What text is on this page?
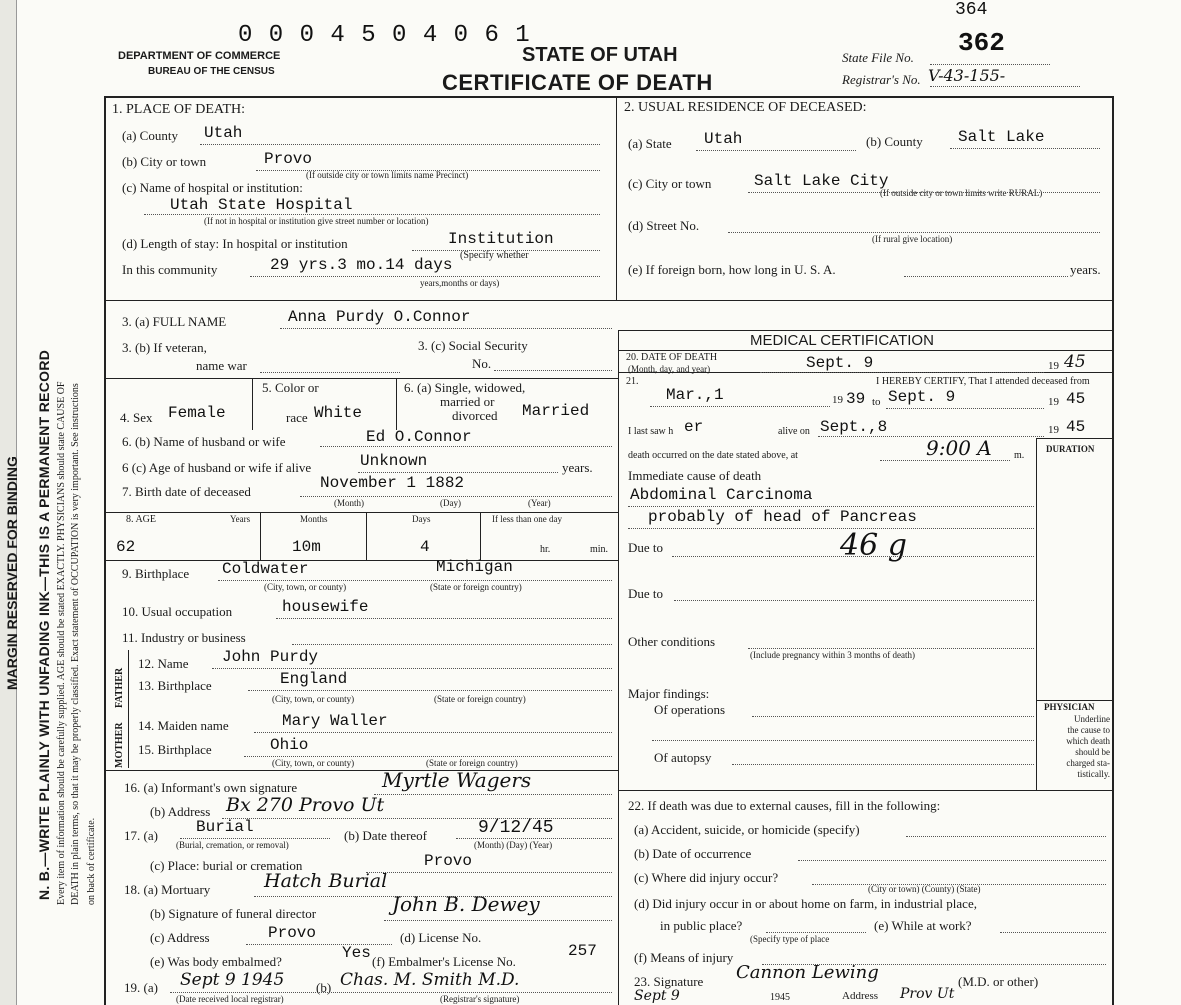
MARGIN RESERVED FOR BINDING N. B.—WRITE PLAINLY WITH UNFADING INK—THIS IS A PERMANENT RECORD Every item of information should be carefully supplied. AGE should be stated EXACTLY. PHYSICIANS should state CAUSE OF DEATH in plain terms, so that it may be properly classified. Exact statement of OCCUPATION is very important. See instructions on back of certificate.
364
0 0 0 4 5 0 4 0 6 1
DEPARTMENT OF COMMERCE
BUREAU OF THE CENSUS
STATE OF UTAH
CERTIFICATE OF DEATH
State File No. 362
Registrar's No. V-43-155-
1. PLACE OF DEATH:
(a) County Utah
(b) City or town	Provo
(If outside city or town limits name Precinct)
(c) Name of hospital or institution:
Utah State Hospital
(If not in hospital or institution give street number or location)
(d) Length of stay: In hospital or institution	Institution
(Specify whether
In this community	29 yrs.3 mo.14 days
years,months or days)
2. USUAL RESIDENCE OF DECEASED:
(a) State Utah	(b) County Salt Lake
(c) City or town	Salt Lake City
(If outside city or town limits write RURAL)
(d) Street No.
(If rural give location)
(e) If foreign born, how long in U. S. A.	years.
3. (a) FULL NAME	Anna Purdy O.Connor
3. (b) If veteran,
name war
3. (c) Social Security
No.
4. Sex Female
5. Color or
race White
6. (a) Single, widowed,
married or
divorced Married
6. (b) Name of husband or wife	Ed O.Connor
6 (c) Age of husband or wife if alive	Unknown	years.
7. Birth date of deceased	November 1 1882
(Month)	(Day)	(Year)
8. AGE	Years	Months	Days	If less than one day
62	10m	4	hr.	min.
9. Birthplace Coldwater	Michigan
(City, town, or county)	(State or foreign country)
10. Usual occupation	housewife
11. Industry or business
FATHER
MOTHER
12. Name John Purdy
13. Birthplace	England
(City, town, or county)	(State or foreign country)
14. Maiden name	Mary Waller
15. Birthplace	Ohio
(City, town, or county)	(State or foreign country)
16. (a) Informant's own signature	Myrtle Wagers
(b) Address Bx 270 Provo Ut
17. (a) Burial
(Burial, cremation, or removal)
(b) Date thereof	9/12/45
(Month) (Day) (Year)
(c) Place: burial or cremation	Provo
18. (a) Mortuary	Hatch Burial
(b) Signature of funeral director	John B. Dewey
(c) Address	Provo	(d) License No.
257
(e) Was body embalmed?	Yes (f) Embalmer's License No.
19. (a) Sept 9 1945 (b) Chas. M. Smith M.D.
(Date received local registrar)	(Registrar's signature)
MEDICAL CERTIFICATION
20. DATE OF DEATH
(Month, day, and year)	Sept. 9	19 45
21.	I HEREBY CERTIFY, That I attended deceased from
Mar.,1	19 39 to Sept. 9	19 45
I last saw h er	alive on Sept.,8	19 45
death occurred on the date stated above, at	9:00 A m.
DURATION
Immediate cause of death
Abdominal Carcinoma
probably of head of Pancreas
Due to	46 g
Due to
Other conditions
(Include pregnancy within 3 months of death)
Major findings:
Of operations
Of autopsy
PHYSICIAN
Underline
the cause to
which death
should be
charged sta-
tistically.
22. If death was due to external causes, fill in the following:
(a) Accident, suicide, or homicide (specify)
(b) Date of occurrence
(c) Where did injury occur?
(City or town) (County) (State)
(d) Did injury occur in or about home on farm, in industrial place,
in public place?	(e) While at work?
(Specify type of place
(f) Means of injury
23. Signature Cannon Lewing	(M.D. or other)
Sept 9	1945	Address Prov Ut
